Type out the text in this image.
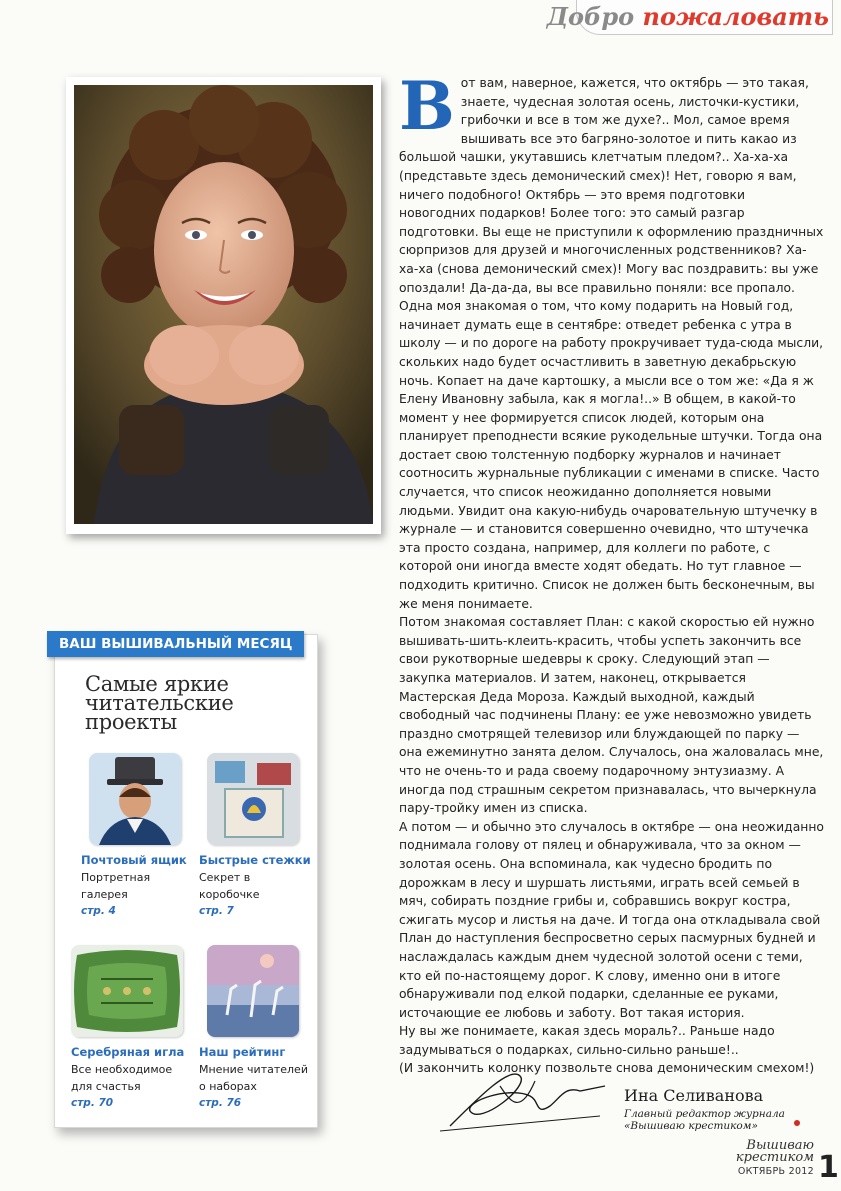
Добро пожаловать
В от вам, наверное, кажется, что октябрь — это такая, знаете, чудесная золотая осень, листочки-кустики, грибочки и все в том же духе?.. Мол, самое время вышивать все это багряно-золотое и пить какао из большой чашки, укутавшись клетчатым пледом?.. Ха-ха-ха (представьте здесь демонический смех)! Нет, говорю я вам, ничего подобного! Октябрь — это время подготовки новогодних подарков! Более того: это самый разгар подготовки. Вы еще не приступили к оформлению праздничных сюрпризов для друзей и многочисленных родственников? Ха-ха-ха (снова демонический смех)! Могу вас поздравить: вы уже опоздали! Да-да-да, вы все правильно поняли: все пропало.

Одна моя знакомая о том, что кому подарить на Новый год, начинает думать еще в сентябре: отведет ребенка с утра в школу — и по дороге на работу прокручивает туда-сюда мысли, скольких надо будет осчастливить в заветную декабрьскую ночь. Копает на даче картошку, а мысли все о том же: «Да я ж Елену Ивановну забыла, как я могла!..» В общем, в какой-то момент у нее формируется список людей, которым она планирует преподнести всякие рукодельные штучки. Тогда она достает свою толстенную подборку журналов и начинает соотносить журнальные публикации с именами в списке. Часто случается, что список неожиданно дополняется новыми людьми. Увидит она какую-нибудь очаровательную штучечку в журнале — и становится совершенно очевидно, что штучечка эта просто создана, например, для коллеги по работе, с которой они иногда вместе ходят обедать. Но тут главное — подходить критично. Список не должен быть бесконечным, вы же меня понимаете.

Потом знакомая составляет План: с какой скоростью ей нужно вышивать-шить-клеить-красить, чтобы успеть закончить все свои рукотворные шедевры к сроку. Следующий этап — закупка материалов. И затем, наконец, открывается Мастерская Деда Мороза. Каждый выходной, каждый свободный час подчинены Плану: ее уже невозможно увидеть праздно смотрящей телевизор или блуждающей по парку — она ежеминутно занята делом. Случалось, она жаловалась мне, что не очень-то и рада своему подарочному энтузиазму. А иногда под страшным секретом признавалась, что вычеркнула пару-тройку имен из списка.

А потом — и обычно это случалось в октябре — она неожиданно поднимала голову от пялец и обнаруживала, что за окном — золотая осень. Она вспоминала, как чудесно бродить по дорожкам в лесу и шуршать листьями, играть всей семьей в мяч, собирать поздние грибы и, собравшись вокруг костра, сжигать мусор и листья на даче. И тогда она откладывала свой План до наступления беспросветно серых пасмурных будней и наслаждалась каждым днем чудесной золотой осени с теми, кто ей по-настоящему дорог. К слову, именно они в итоге обнаруживали под елкой подарки, сделанные ее руками, источающие ее любовь и заботу. Вот такая история.

Ну вы же понимаете, какая здесь мораль?.. Раньше надо задумываться о подарках, сильно-сильно раньше!..

(И закончить колонку позвольте снова демоническим смехом!)

ВАШ ВЫШИВАЛЬНЫЙ МЕСЯЦ
Самые яркие читательские проекты
Почтовый ящик
Портретная галерея
стр. 4
Быстрые стежки
Секрет в коробочке
стр. 7
Серебряная игла
Все необходимое для счастья
стр. 70
Наш рейтинг
Мнение читателей о наборах
стр. 76	Ина Селиванова
Главный редактор журнала «Вышиваю крестиком»
Вышиваю
крестиком
ОКТЯБРЬ 2012 1
